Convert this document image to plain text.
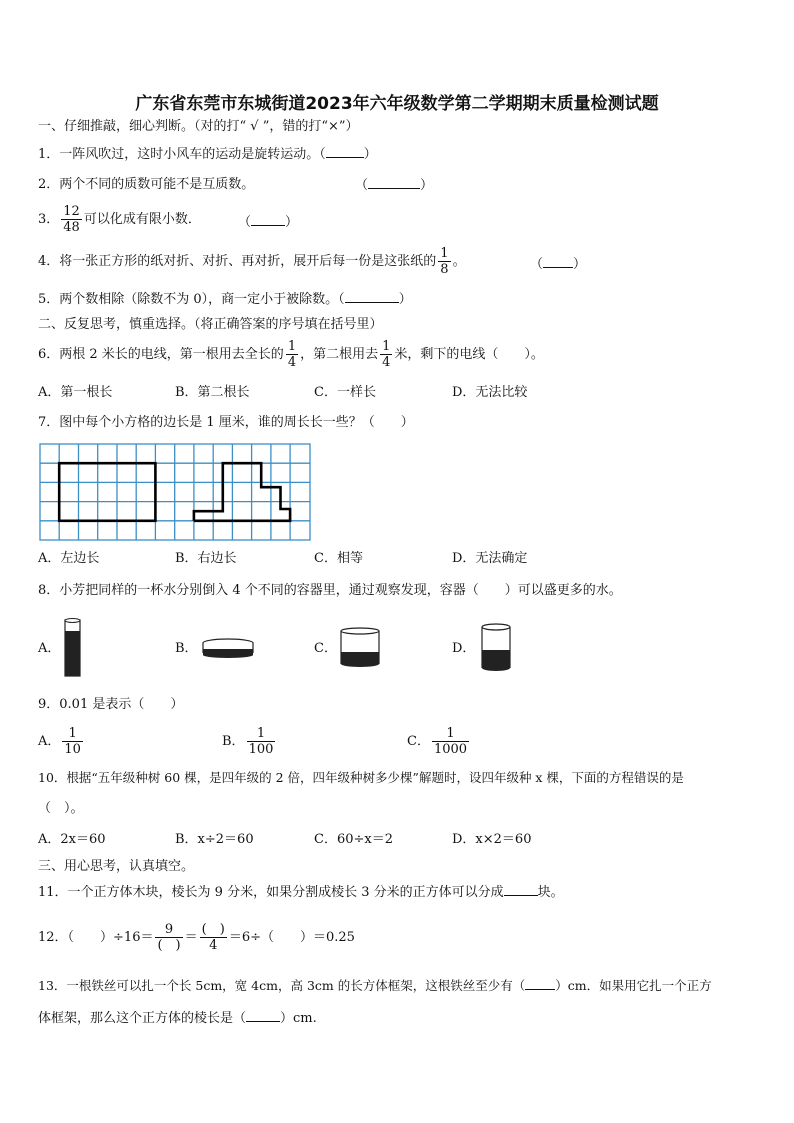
广东省东莞市东城街道2023年六年级数学第二学期期末质量检测试题
一、仔细推敲，细心判断。（对的打“ √ ”，错的打“×”）
1．一阵风吹过，这时小风车的运动是旋转运动。（	）
2．两个不同的质数可能不是互质数。	（	）
3． $\frac{12}{48}$ 可以化成有限小数．	（	）
4．将一张正方形的纸对折、对折、再对折，展开后每一份是这张纸的 $\frac{1}{8}$ 。	（ ）
5．两个数相除（除数不为 0），商一定小于被除数。（	）
二、反复思考，慎重选择。（将正确答案的序号填在括号里）
6．两根 2 米长的电线，第一根用去全长的 $\frac{1}{4}$ ，第二根用去 $\frac{1}{4}$ 米，剩下的电线（　　）。
A．第一根长	B．第二根长	C．一样长	D．无法比较
7．图中每个小方格的边长是 1 厘米，谁的周长长一些？（　　）
A．左边长	B．右边长	C．相等	D．无法确定
8．小芳把同样的一杯水分别倒入 4 个不同的容器里，通过观察发现，容器（　　）可以盛更多的水。
A．	B．	C．	D．
9．0.01 是表示（　　）
A． $\frac{1}{10}$	B． $\frac{1}{100}$	C． $\frac{1}{1000}$
10．根据“五年级种树 60 棵，是四年级的 2 倍，四年级种树多少棵”解题时，设四年级种 x 棵，下面的方程错误的是
（　）。
A．2x＝60	B．x÷2＝60	C．60÷x＝2	D．x×2＝60
三、用心思考，认真填空。
11．一个正方体木块，棱长为 9 分米，如果分割成棱长 3 分米的正方体可以分成	块。
12．（　　）$\div 16= \frac{9}{( )} = \frac{( )}{4} =6\div$（　　）＝0.25
13．一根铁丝可以扎一个长 5cm，宽 4cm，高 3cm 的长方体框架，这根铁丝至少有（ ）cm．如果用它扎一个正方
体框架，那么这个正方体的棱长是（	）cm.
